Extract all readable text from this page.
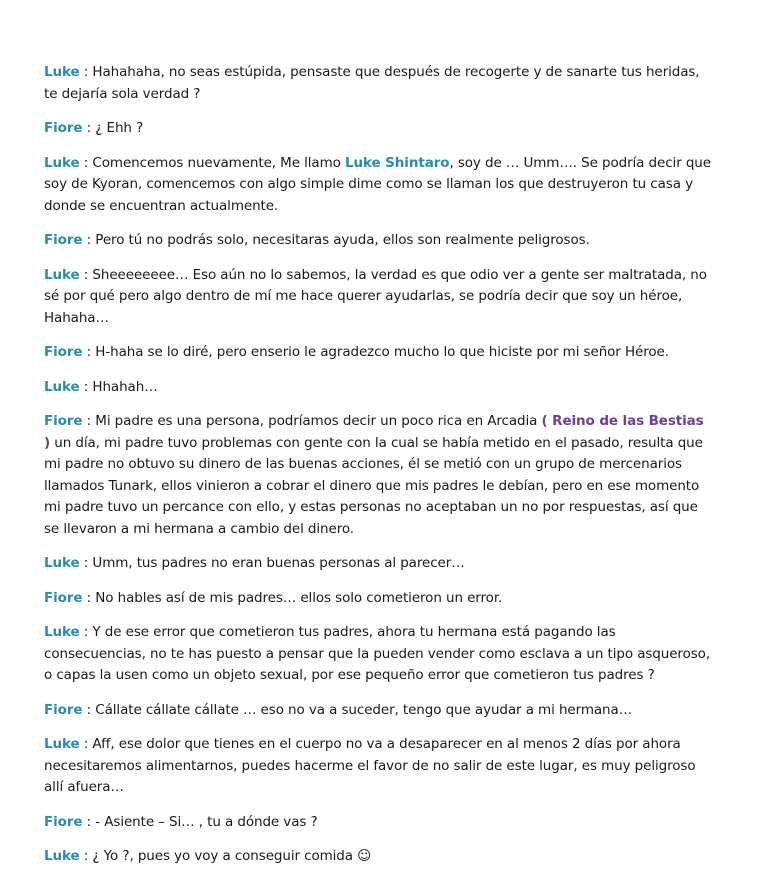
Luke : Hahahaha, no seas estúpida, pensaste que después de recogerte y de sanarte tus heridas, te dejaría sola verdad ?

Fiore : ¿ Ehh ?

Luke : Comencemos nuevamente, Me llamo Luke Shintaro, soy de … Umm…. Se podría decir que soy de Kyoran, comencemos con algo simple dime como se llaman los que destruyeron tu casa y donde se encuentran actualmente.

Fiore : Pero tú no podrás solo, necesitaras ayuda, ellos son realmente peligrosos.

Luke : Sheeeeeeee… Eso aún no lo sabemos, la verdad es que odio ver a gente ser maltratada, no sé por qué pero algo dentro de mí me hace querer ayudarlas, se podría decir que soy un héroe, Hahaha…

Fiore : H-haha se lo diré, pero enserio le agradezco mucho lo que hiciste por mi señor Héroe.

Luke : Hhahah…

Fiore : Mi padre es una persona, podríamos decir un poco rica en Arcadia ( Reino de las Bestias ) un día, mi padre tuvo problemas con gente con la cual se había metido en el pasado, resulta que mi padre no obtuvo su dinero de las buenas acciones, él se metió con un grupo de mercenarios llamados Tunark, ellos vinieron a cobrar el dinero que mis padres le debían, pero en ese momento mi padre tuvo un percance con ello, y estas personas no aceptaban un no por respuestas, así que se llevaron a mi hermana a cambio del dinero.

Luke : Umm, tus padres no eran buenas personas al parecer…

Fiore : No hables así de mis padres… ellos solo cometieron un error.

Luke : Y de ese error que cometieron tus padres, ahora tu hermana está pagando las consecuencias, no te has puesto a pensar que la pueden vender como esclava a un tipo asqueroso, o capas la usen como un objeto sexual, por ese pequeño error que cometieron tus padres ?

Fiore : Cállate cállate cállate … eso no va a suceder, tengo que ayudar a mi hermana…

Luke : Aff, ese dolor que tienes en el cuerpo no va a desaparecer en al menos 2 días por ahora necesitaremos alimentarnos, puedes hacerme el favor de no salir de este lugar, es muy peligroso allí afuera…

Fiore : - Asiente – Si… , tu a dónde vas ?

Luke : ¿ Yo ?, pues yo voy a conseguir comida ☺
